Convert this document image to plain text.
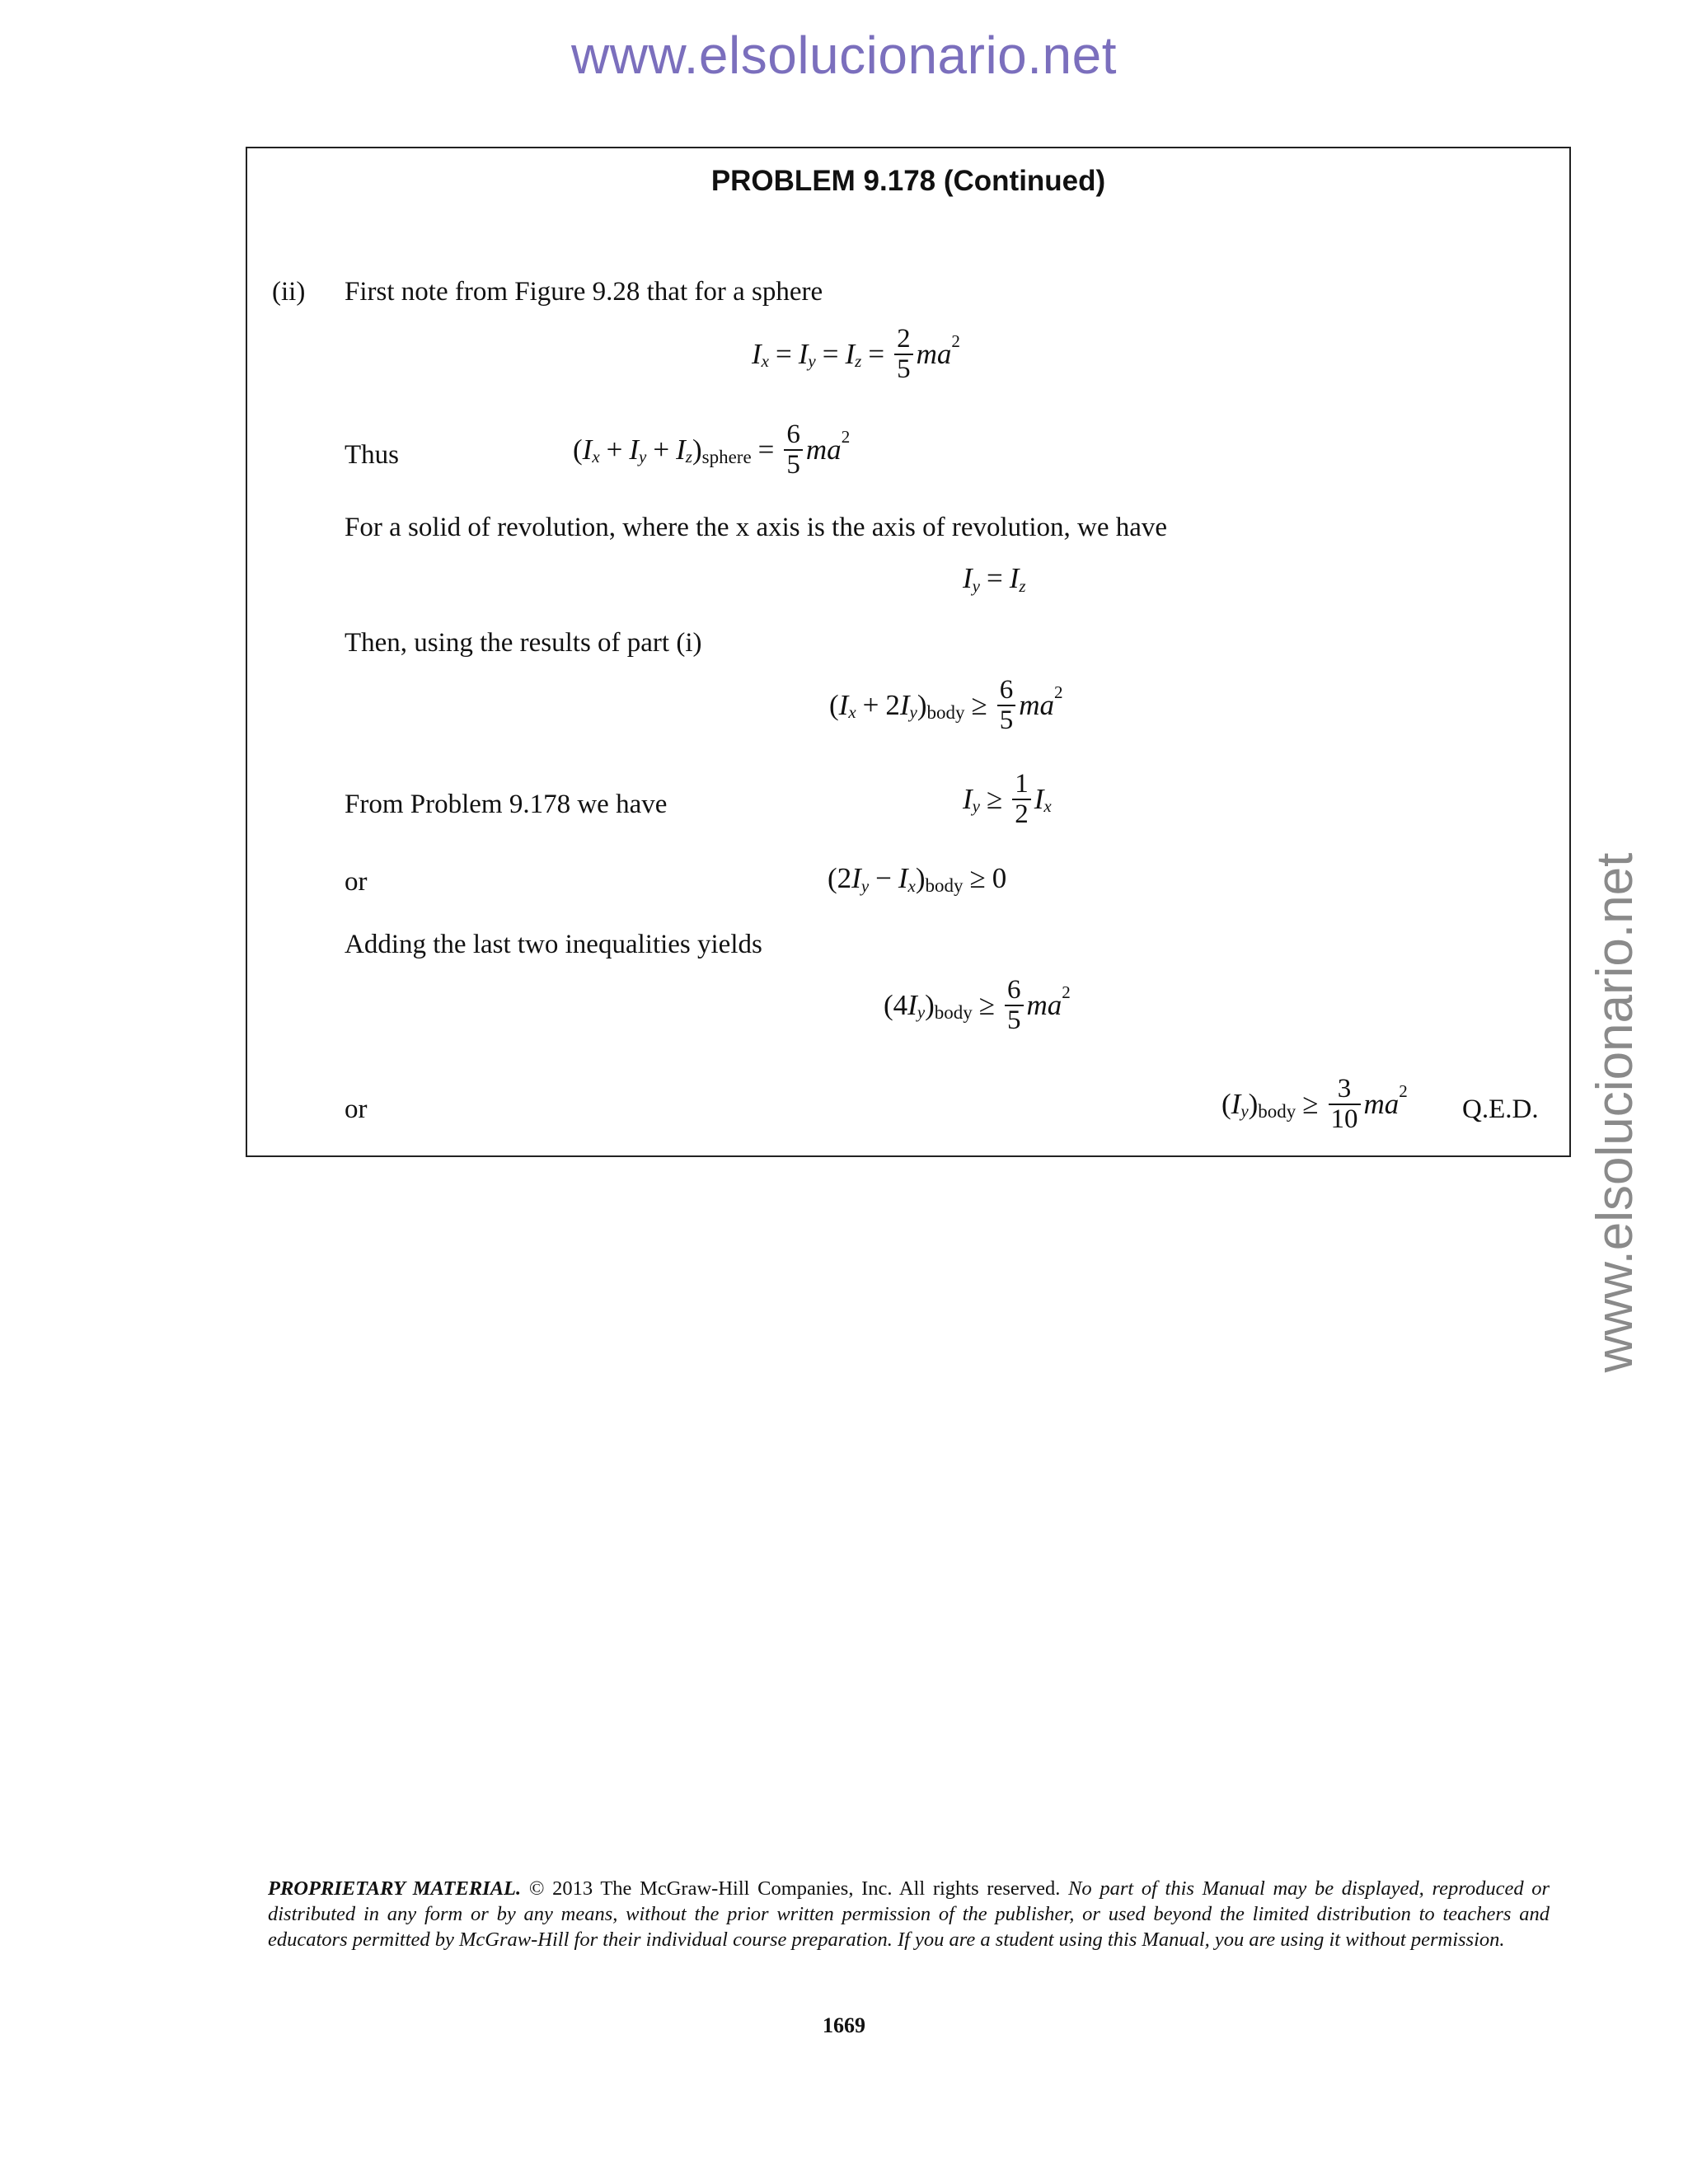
www.elsolucionario.net
www.elsolucionario.net
PROBLEM 9.178 (Continued)
(ii) First note from Figure 9.28 that for a sphere
I x = I y = I $z = \frac{2}{5}$ ma 2
Thus	( I x + I y + I z ) sphere = $\frac{6}{5}$ ma 2
For a solid of revolution, where the x axis is the axis of revolution, we have
I y = I z
Then, using the results of part (i)
( I x + 2 I y ) body ≥ $\frac{6}{5}$ ma 2
From Problem 9.178 we have	I $y \ge \frac{1}{2}$ I x
or	(2 I y − I x ) body ≥ 0
Adding the last two inequalities yields
(4 I y ) body ≥ $\frac{6}{5}$ ma 2
or	( I y ) body ≥ $\frac{3}{10}$ ma 2
Q.E.D.
PROPRIETARY MATERIAL. © 2013 The McGraw-Hill Companies, Inc. All rights reserved. No part of this Manual may be displayed, reproduced or distributed in any form or by any means, without the prior written permission of the publisher, or used beyond the limited distribution to teachers and educators permitted by McGraw-Hill for their individual course preparation. If you are a student using this Manual, you are using it without permission.
1669
